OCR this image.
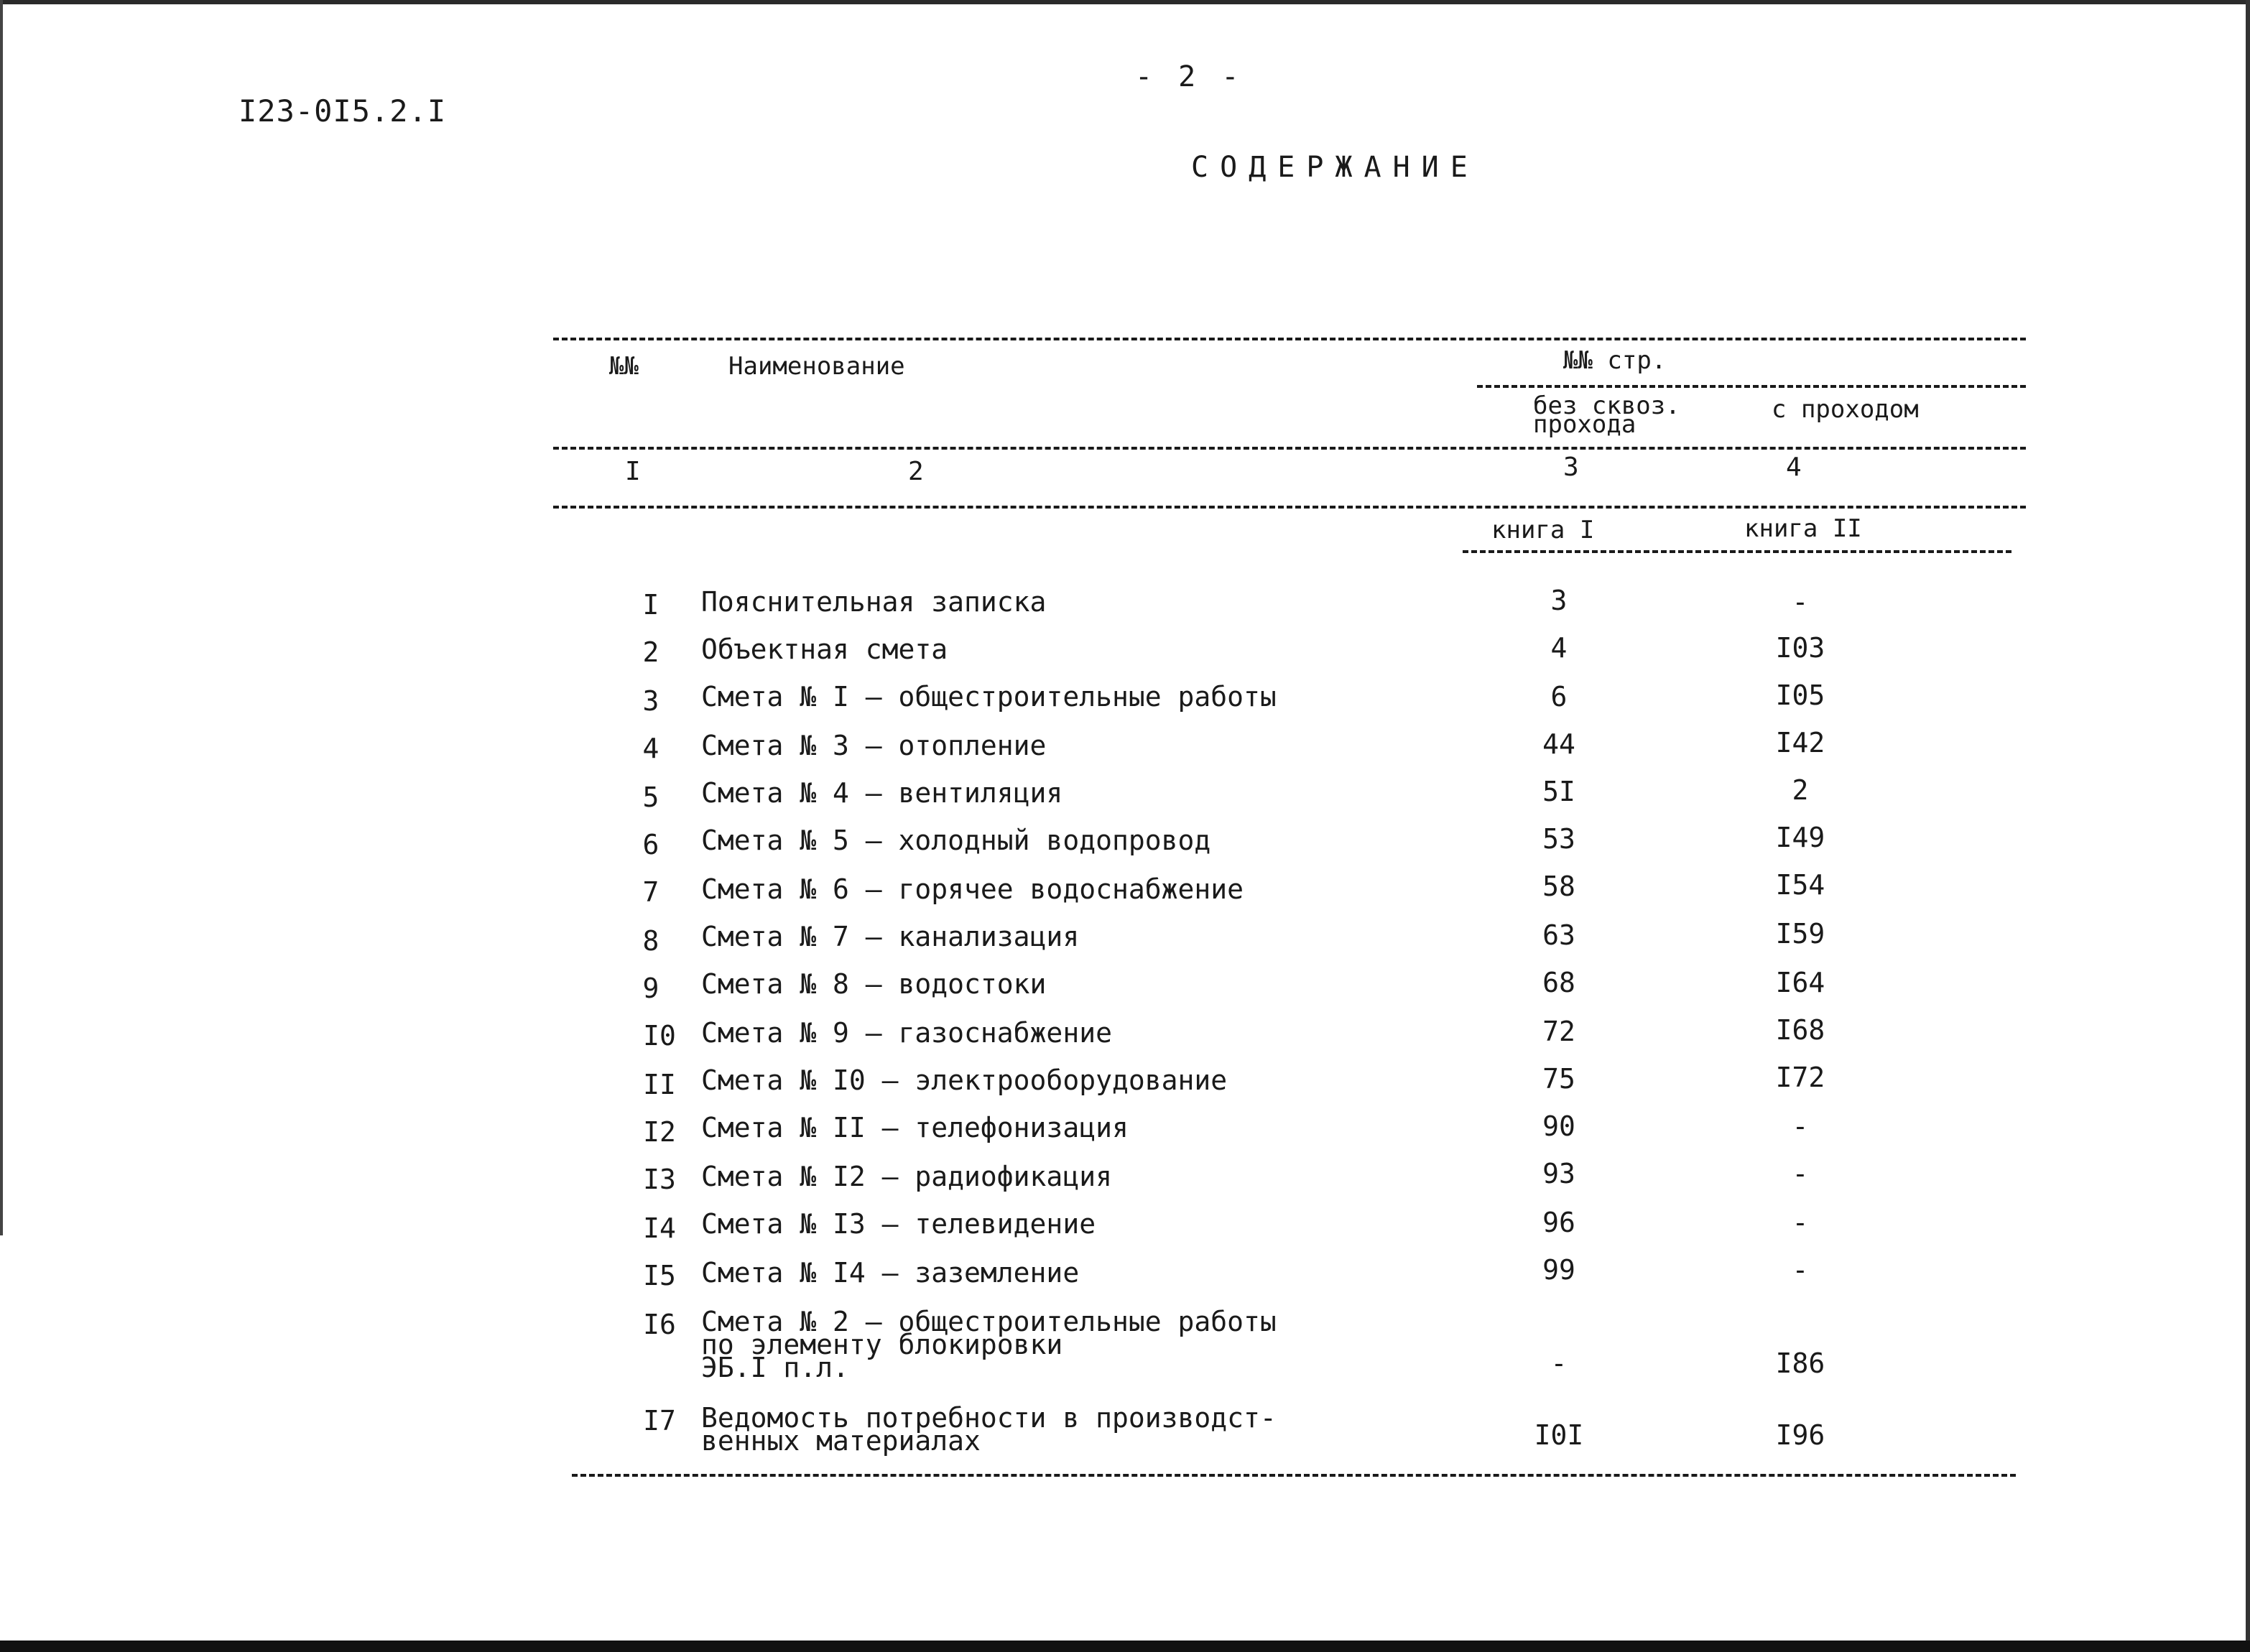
I23-0I5.2.I
- 2 -
СОДЕРЖАНИЕ
№№	Наименование	№№ стр.
без сквоз.
прохода
с проходом
I	2	3	4
книга I	книга II
I	Пояснительная записка	3	-
2	Объектная смета	4	I03
3	Смета № I – общестроительные работы	6	I05
4	Смета № 3 – отопление	44	I42
5	Смета № 4 – вентиляция	5I	2
6	Смета № 5 – холодный водопровод	53	I49
7	Смета № 6 – горячее водоснабжение	58	I54
8	Смета № 7 – канализация	63	I59
9	Смета № 8 – водостоки	68	I64
I0 Смета № 9 – газоснабжение	72	I68
II Смета № I0 – электрооборудование	75	I72
I2 Смета № II – телефонизация	90	-
I3 Смета № I2 – радиофикация	93	-
I4 Смета № I3 – телевидение	96	-
I5 Смета № I4 – заземление	99	-
I6 Смета № 2 – общестроительные работы
по элементу блокировки
ЭБ.I п.л.	-	I86
I7 Ведомость потребности в производст-
венных материалах	I0I	I96
